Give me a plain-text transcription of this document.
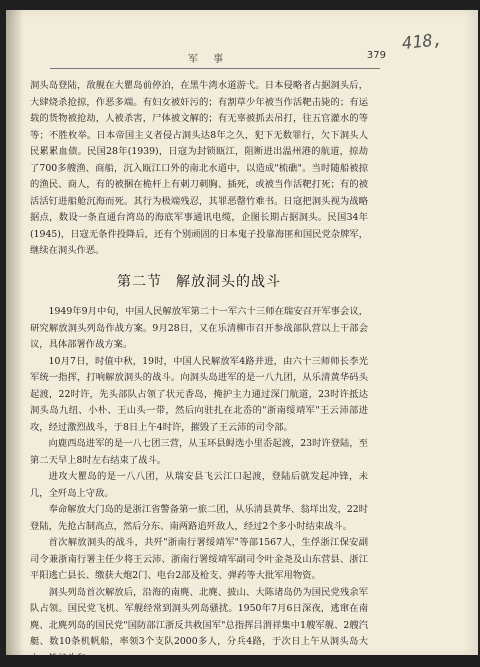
军 事	379
418,

洞头岛登陆，敌舰在大瞿岛前停泊，在黑牛湾水道游弋。日本侵略者占据洞头后，大肆烧杀抢掠，作恶多端。有妇女被奸污的；有割草少年被当作活靶击毙的；有运载的货物被抢劫，人被杀害，尸体被文解的；有无辜被抓去吊打，往五官灌水的等等；不胜枚举。日本帝国主义者侵占洞头达8年之久，犯下无数罪行，欠下洞头人民累累血债。民国28年(1939)，日寇为封锁瓯江，阻断进出温州港的航道，掠劫了700多艘渔、商船，沉入瓯江口外的南北水道中，以造成"梳礁"。当时随船被掠的渔民、商人，有的被捆在桅杆上有刺刀刺胸、插死，或被当作活靶打死；有的被活活钉进船舱沉海而死。其行为极端残忍，其罪恶罄竹难书。日寇把洞头视为战略据点，数设一条直通台湾岛的海底军事通讯电缆，企图长期占据洞头。民国34年(1945)，日寇无条件投降后，还有个别顽固的日本鬼子投靠海匪和国民党杂牌军，继续在洞头作恶。

第二节 解放洞头的战斗

1949年9月中旬，中国人民解放军第二十一军六十三师在瑞安召开军事会议，研究解放洞头列岛作战方案。9月28日，又在乐清柳市召开参战部队营以上干部会议，具体部署作战方案。

10月7日，时值中秋，19时，中国人民解放军4路并进，由六十三师师长李光军统一指挥，打响解放洞头的战斗。向洞头岛进军的是一八九团，从乐清黄华码头起渡，22时许，先头部队占领了状元香岛，掩护主力通过深门航道，23时许抵达洞头岛九纽、小朴、王山头一带，然后向驻扎在北岙的"浙南绥靖军"王云沛部进攻，经过激烈战斗，于8日上午4时许，摧毁了王云沛的司令部。

向鹿西岛进军的是一八七团三营，从玉环县鲟选小里岙起渡，23时许登陆，至第二天早上8时左右结束了战斗。

进攻大瞿岛的是一八八团，从瑞安县飞云江口起渡，登陆后就发起冲锋，未几，全歼岛上守敌。

奉命解放大门岛的是浙江省警备第一旅二团，从乐清县黄华、翁垟出发，22时登陆，先抢占制高点，然后分东、南两路追歼敌人，经过2个多小时结束战斗。

首次解放洞头的战斗，共歼"浙南行署绥靖军"等部1567人，生俘浙江保安副司令兼浙南行署主任少将王云沛、浙南行署绥靖军副司令叶金尧及山东营县、浙江平阳逃亡县长、缴获大炮2门、电台2部及枪支、弹药等大批军用物资。

洞头列岛首次解放后，沿海的南麂、北麂、披山、大陈诸岛仍为国民党残余军队占领。国民党飞机、军舰经常到洞头列岛骚扰。1950年7月6日深夜，逃窜在南麂、北麂列岛的国民党"国防部江浙反共救国军"总指挥吕渭祥集中1艘军舰、2艘汽艇、数10条机帆船，率领3个支队2000多人，分兵4路，于次日上午从洞头岛大山、铁炉头和
